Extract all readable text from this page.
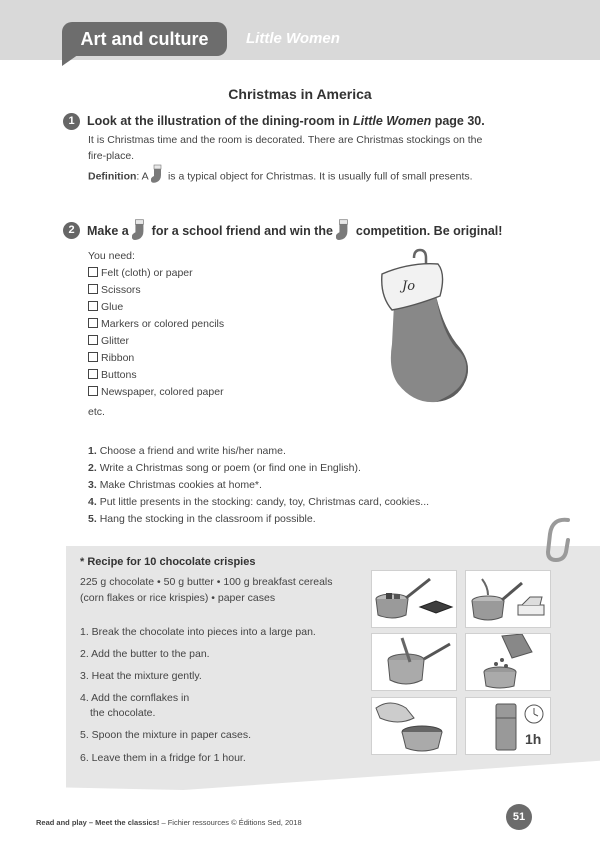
Art and culture	Little Women
Christmas in America
1 Look at the illustration of the dining-room in Little Women page 30.
It is Christmas time and the room is decorated. There are Christmas stockings on the
fire-place.
Definition: A is a typical object for Christmas. It is usually full of small presents.
2 Make a for a school friend and win the competition. Be original!
You need:
Felt (cloth) or paper
Scissors
Glue
Markers or colored pencils
Glitter
Ribbon
Buttons
Newspaper, colored paper
etc.
Jo
1. Choose a friend and write his/her name.
2. Write a Christmas song or poem (or find one in English).
3. Make Christmas cookies at home*.
4. Put little presents in the stocking: candy, toy, Christmas card, cookies...
5. Hang the stocking in the classroom if possible.
* Recipe for 10 chocolate crispies
225 g chocolate • 50 g butter • 100 g breakfast cereals
(corn flakes or rice krispies) • paper cases
1. Break the chocolate into pieces into a large pan.
2. Add the butter to the pan.
3. Heat the mixture gently.
4. Add the cornflakes in
the chocolate.
5. Spoon the mixture in paper cases.
6. Leave them in a fridge for 1 hour.
1h
Read and play – Meet the classics! – Fichier ressources © Éditions Sed, 2018	51
